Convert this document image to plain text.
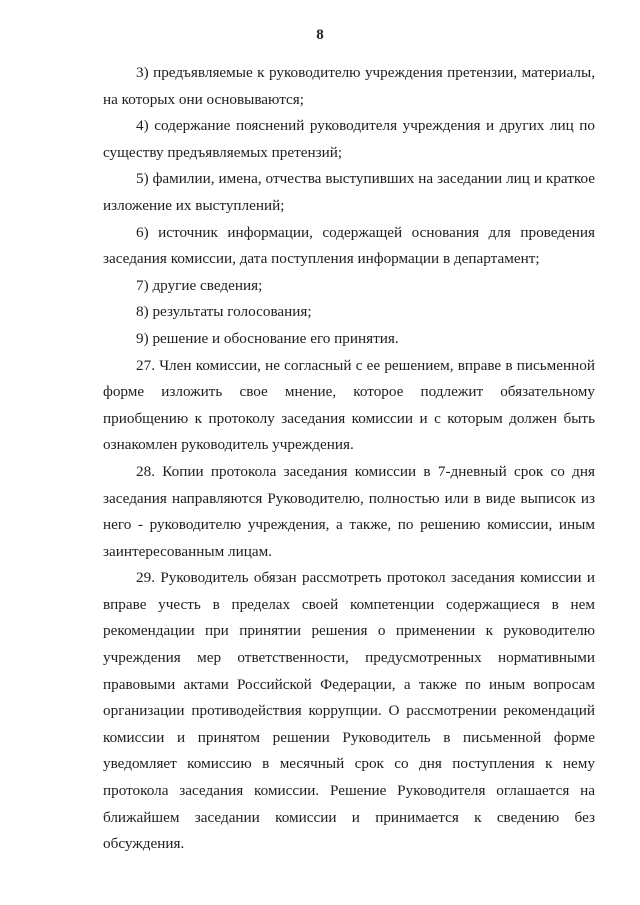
8

3) предъявляемые к руководителю учреждения претензии, материалы, на которых они основываются;

4) содержание пояснений руководителя учреждения и других лиц по существу предъявляемых претензий;

5) фамилии, имена, отчества выступивших на заседании лиц и краткое изложение их выступлений;

6) источник информации, содержащей основания для проведения заседания комиссии, дата поступления информации в департамент;

7) другие сведения;

8) результаты голосования;

9) решение и обоснование его принятия.

27. Член комиссии, не согласный с ее решением, вправе в письменной форме изложить свое мнение, которое подлежит обязательному приобщению к протоколу заседания комиссии и с которым должен быть ознакомлен руководитель учреждения.

28. Копии протокола заседания комиссии в 7-дневный срок со дня заседания направляются Руководителю, полностью или в виде выписок из него - руководителю учреждения, а также, по решению комиссии, иным заинтересованным лицам.

29. Руководитель обязан рассмотреть протокол заседания комиссии и вправе учесть в пределах своей компетенции содержащиеся в нем рекомендации при принятии решения о применении к руководителю учреждения мер ответственности, предусмотренных нормативными правовыми актами Российской Федерации, а также по иным вопросам организации противодействия коррупции. О рассмотрении рекомендаций комиссии и принятом решении Руководитель в письменной форме уведомляет комиссию в месячный срок со дня поступления к нему протокола заседания комиссии. Решение Руководителя оглашается на ближайшем заседании комиссии и принимается к сведению без обсуждения.
